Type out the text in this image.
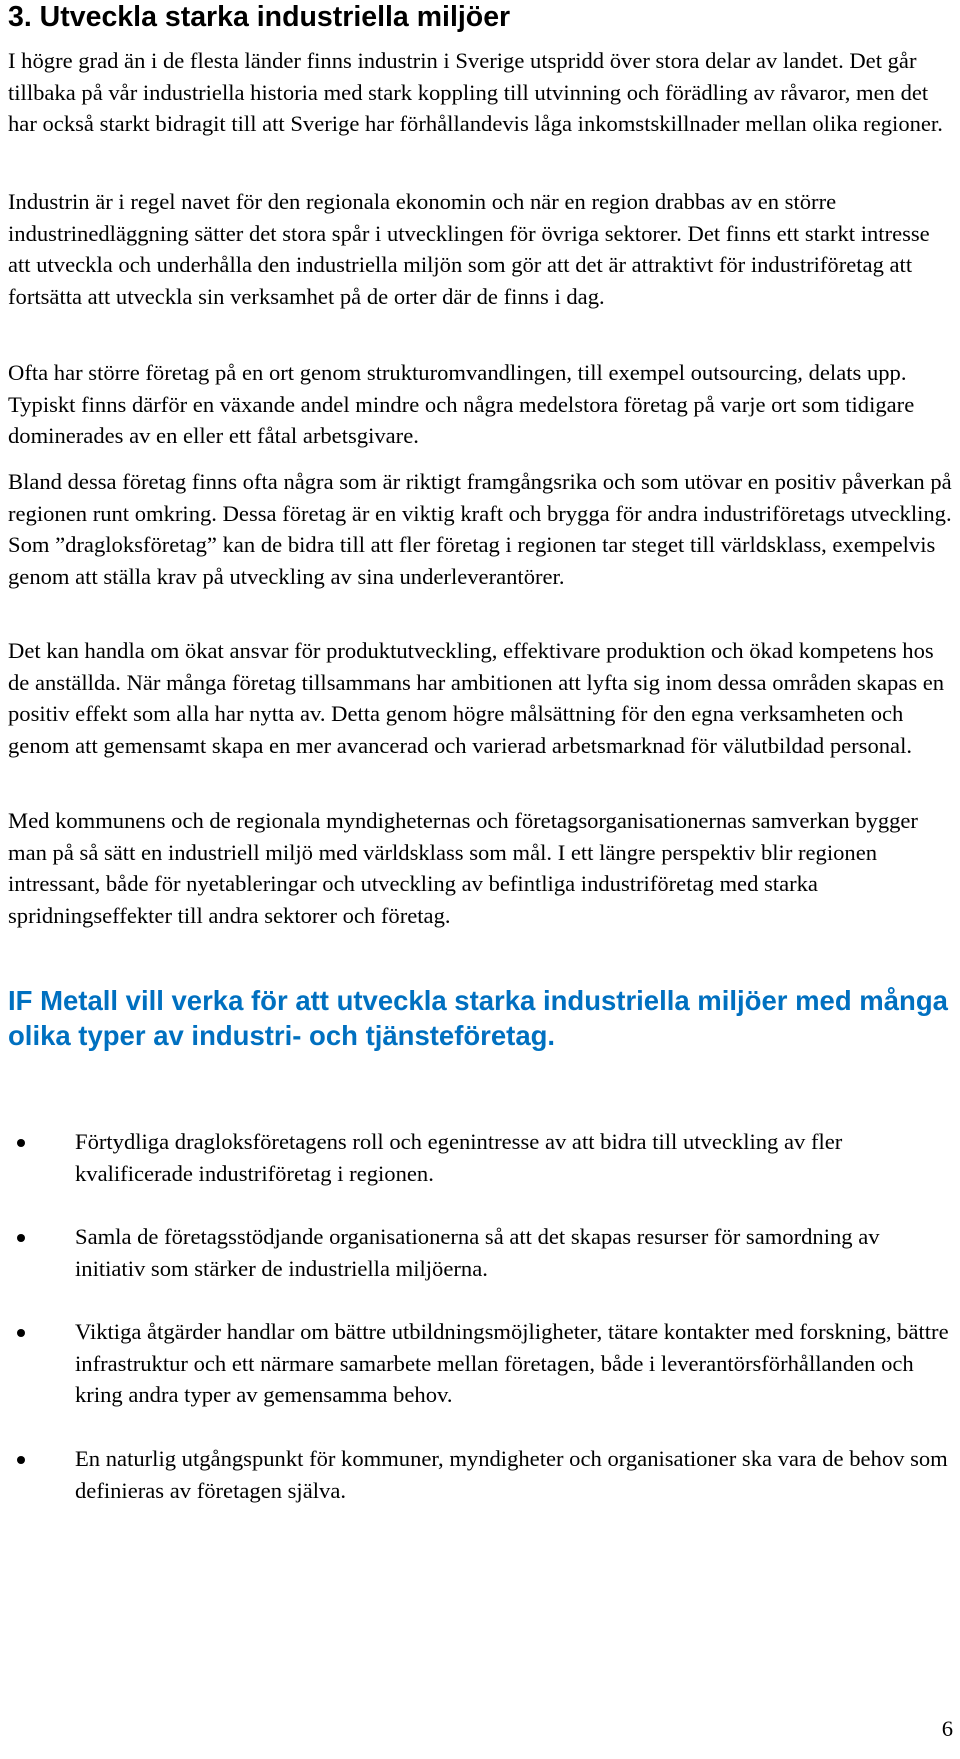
3. Utveckla starka industriella miljöer

I högre grad än i de flesta länder finns industrin i Sverige utspridd över stora delar av landet. Det går tillbaka på vår industriella historia med stark koppling till utvinning och förädling av råvaror, men det har också starkt bidragit till att Sverige har förhållandevis låga inkomstskillnader mellan olika regioner.

Industrin är i regel navet för den regionala ekonomin och när en region drabbas av en större industrinedläggning sätter det stora spår i utvecklingen för övriga sektorer. Det finns ett starkt intresse att utveckla och underhålla den industriella miljön som gör att det är attraktivt för industriföretag att fortsätta att utveckla sin verksamhet på de orter där de finns i dag.

Ofta har större företag på en ort genom strukturomvandlingen, till exempel outsourcing, delats upp. Typiskt finns därför en växande andel mindre och några medelstora företag på varje ort som tidigare dominerades av en eller ett fåtal arbetsgivare.

Bland dessa företag finns ofta några som är riktigt framgångsrika och som utövar en positiv påverkan på regionen runt omkring. Dessa företag är en viktig kraft och brygga för andra industriföretags utveckling. Som ”dragloksföretag” kan de bidra till att fler företag i regionen tar steget till världsklass, exempelvis genom att ställa krav på utveckling av sina underleverantörer.

Det kan handla om ökat ansvar för produktutveckling, effektivare produktion och ökad kompetens hos de anställda. När många företag tillsammans har ambitionen att lyfta sig inom dessa områden skapas en positiv effekt som alla har nytta av. Detta genom högre målsättning för den egna verksamheten och genom att gemensamt skapa en mer avancerad och varierad arbetsmarknad för välutbildad personal.

Med kommunens och de regionala myndigheternas och företagsorganisationernas samverkan bygger man på så sätt en industriell miljö med världsklass som mål. I ett längre perspektiv blir regionen intressant, både för nyetableringar och utveckling av befintliga industriföretag med starka spridningseffekter till andra sektorer och företag.

IF Metall vill verka för att utveckla starka industriella miljöer med många olika typer av industri- och tjänsteföretag.

Förtydliga dragloksföretagens roll och egenintresse av att bidra till utveckling av fler kvalificerade industriföretag i regionen.

Samla de företagsstödjande organisationerna så att det skapas resurser för samordning av initiativ som stärker de industriella miljöerna.

Viktiga åtgärder handlar om bättre utbildningsmöjligheter, tätare kontakter med forskning, bättre infrastruktur och ett närmare samarbete mellan företagen, både i leverantörsförhållanden och kring andra typer av gemensamma behov.

En naturlig utgångspunkt för kommuner, myndigheter och organisationer ska vara de behov som definieras av företagen själva.

6
